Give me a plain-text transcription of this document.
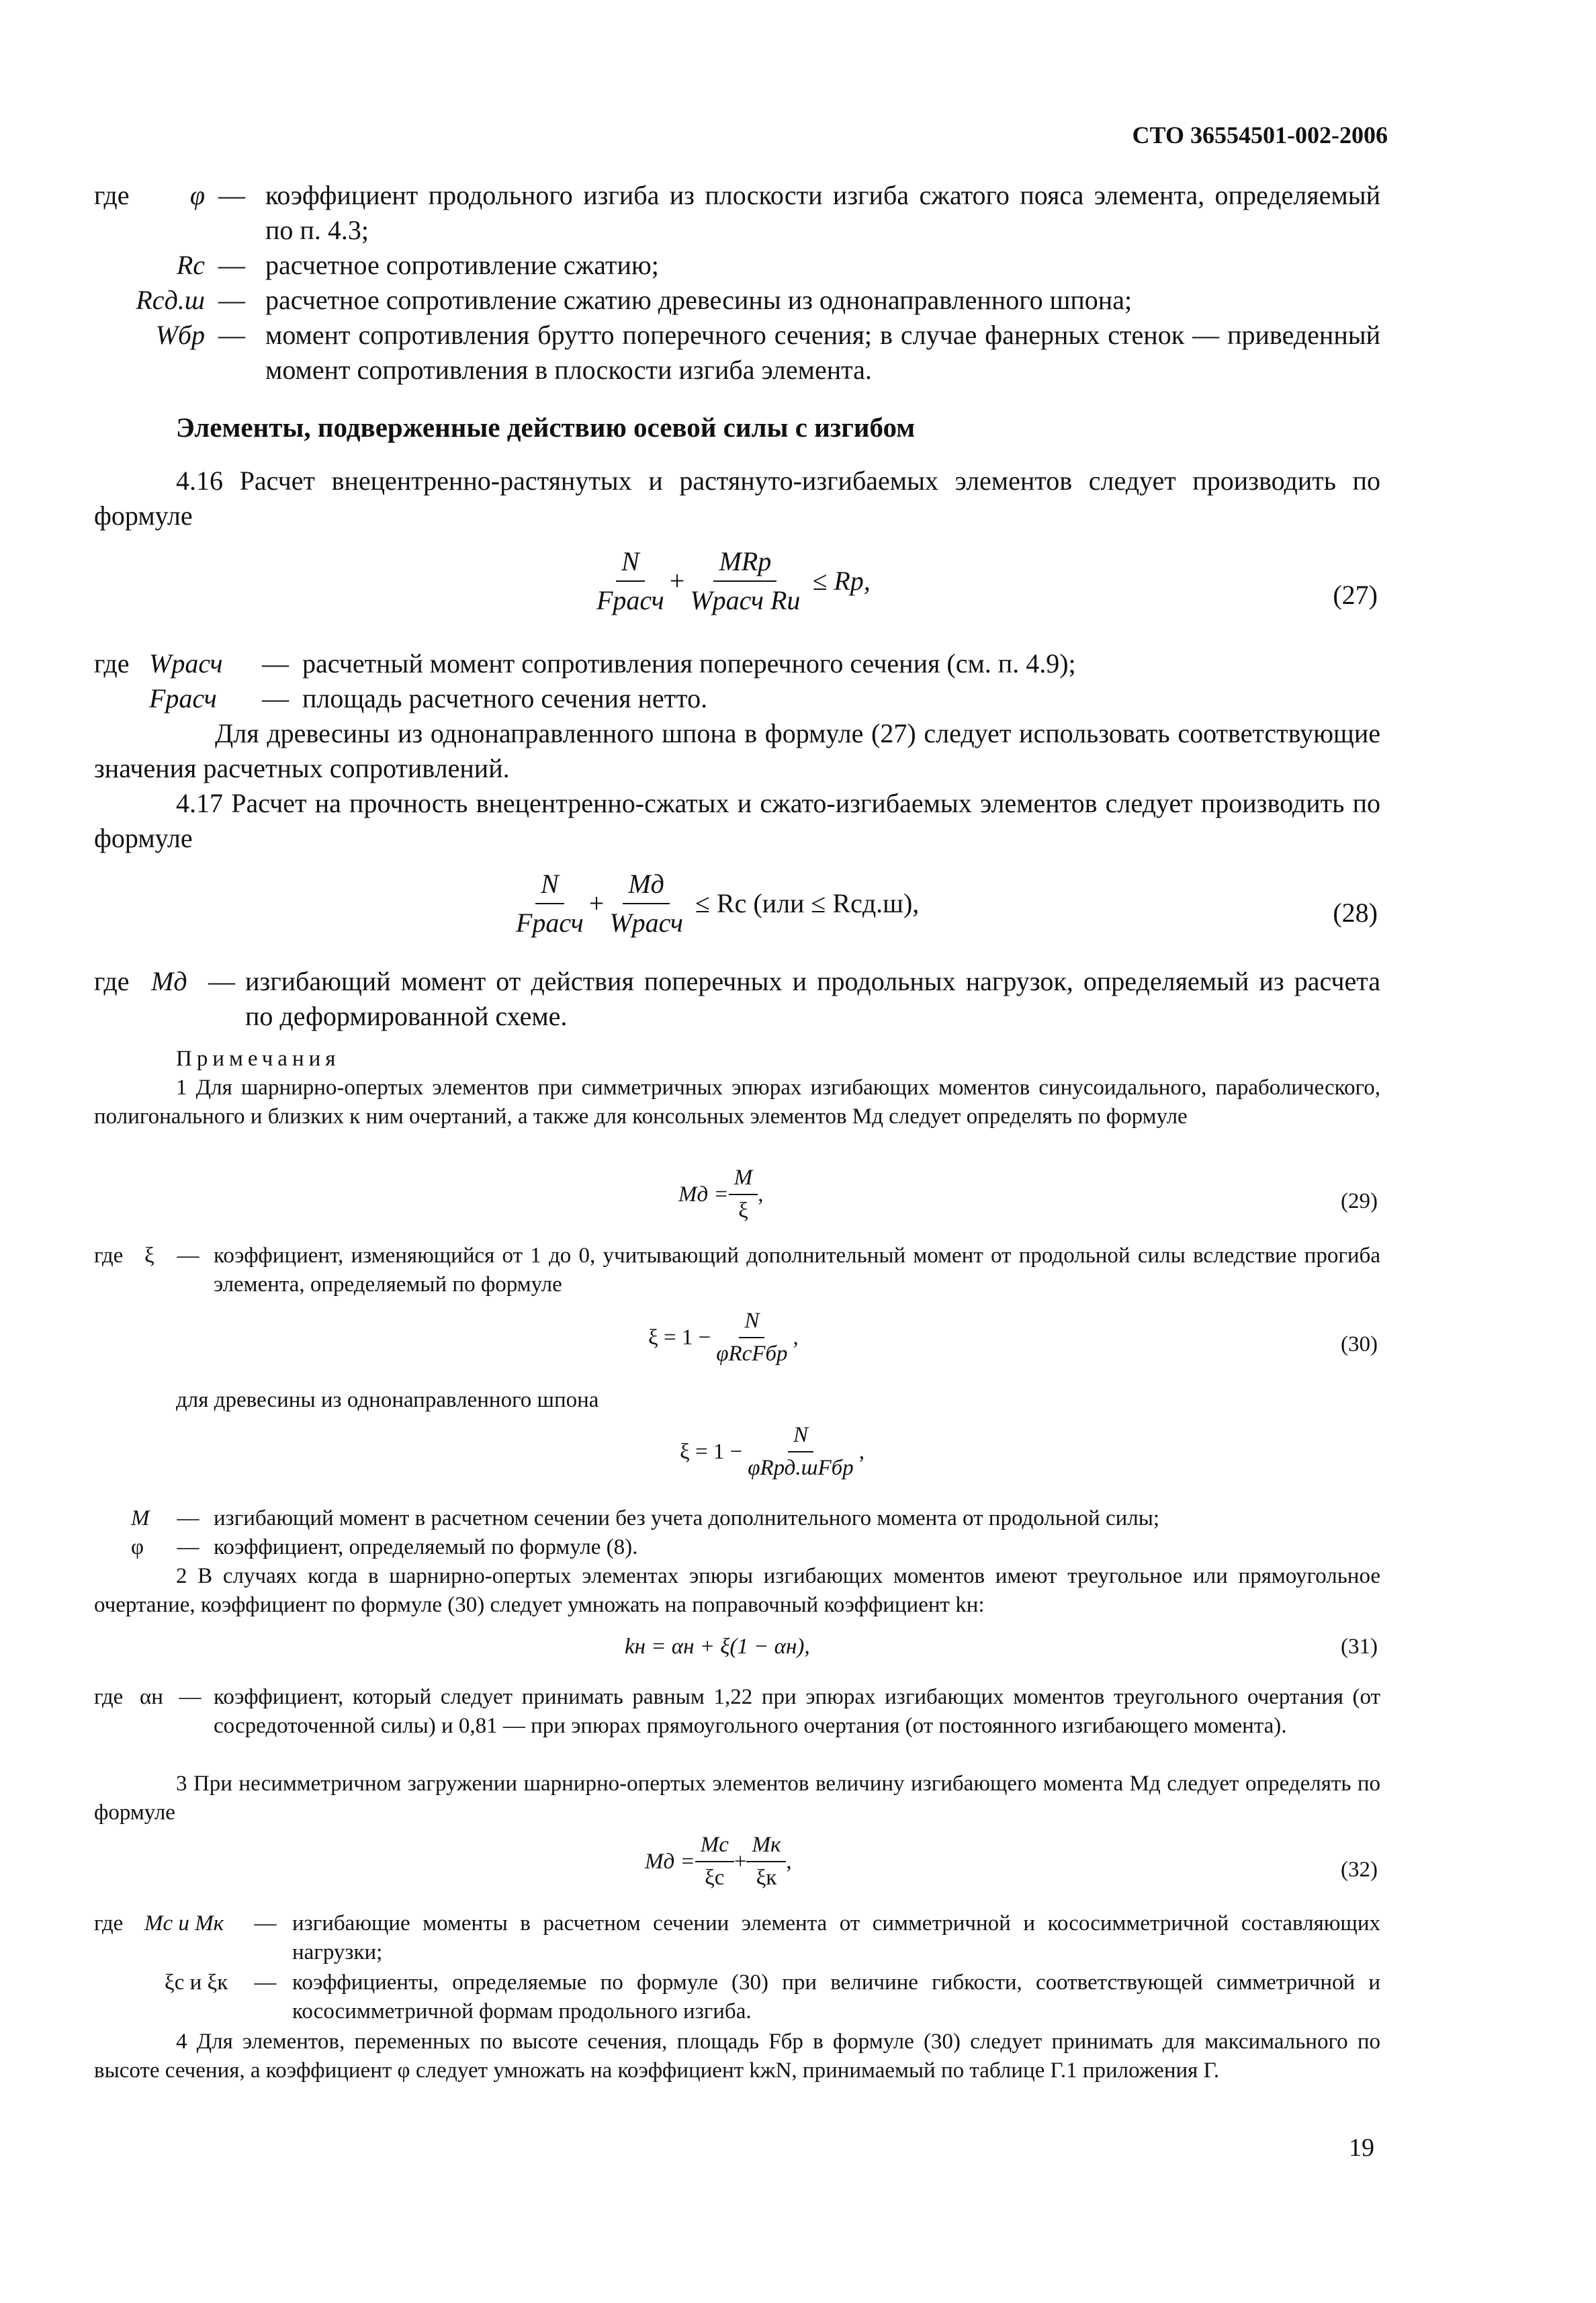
СТО 36554501-002-2006
где	φ — коэффициент продольного изгиба из плоскости изгиба сжатого пояса элемента, определяемый по п. 4.3;
Rс — расчетное сопротивление сжатию;
Rсд.ш — расчетное сопротивление сжатию древесины из однонаправленного шпона;
Wбр — момент сопротивления брутто поперечного сечения; в случае фанерных стенок — приведенный момент сопротивления в плоскости изгиба элемента.
Элементы, подверженные действию осевой силы с изгибом
4.16 Расчет внецентренно-растянутых и растянуто-изгибаемых элементов следует производить по формуле
$\frac{N}{\text{Fрасч}} + \frac{\text{MRр}}{\text{Wрасч Rи}}$ ≤ Rр,	(27)
где Wрасч	— расчетный момент сопротивления поперечного сечения (см. п. 4.9);
Fрасч	— площадь расчетного сечения нетто.
Для древесины из однонаправленного шпона в формуле (27) следует использовать соответствующие значения расчетных сопротивлений.
4.17 Расчет на прочность внецентренно-сжатых и сжато-изгибаемых элементов следует производить по формуле
$\frac{N}{\text{Fрасч}} + \frac{Mд}{\text{Wрасч}}$ ≤ Rс (или ≤ Rсд.ш),	(28)
где Mд — изгибающий момент от действия поперечных и продольных нагрузок, определяемый из расчета по деформированной схеме.
Примечания
1 Для шарнирно-опертых элементов при симметричных эпюрах изгибающих моментов синусоидального, параболического, полигонального и близких к ним очертаний, а также для консольных элементов Mд следует определять по формуле
Mд = $\frac{M}{\xi}$ ,	(29)
где ξ	— коэффициент, изменяющийся от 1 до 0, учитывающий дополнительный момент от продольной силы вследствие прогиба элемента, определяемый по формуле
$\xi = 1 - \frac{N}{\text{φRсFбр}}$ ,	(30)
для древесины из однонаправленного шпона
$\xi = 1 - \frac{N}{\text{φRрд.шFбр}}$ ,
M	— изгибающий момент в расчетном сечении без учета дополнительного момента от продольной силы;
φ	— коэффициент, определяемый по формуле (8).
2 В случаях когда в шарнирно-опертых элементах эпюры изгибающих моментов имеют треугольное или прямоугольное очертание, коэффициент по формуле (30) следует умножать на поправочный коэффициент kн:
kн = αн + ξ(1 − αн),	(31)
где αн — коэффициент, который следует принимать равным 1,22 при эпюрах изгибающих моментов треугольного очертания (от сосредоточенной силы) и 0,81 — при эпюрах прямоугольного очертания (от постоянного изгибающего момента).
3 При несимметричном загружении шарнирно-опертых элементов величину изгибающего момента Mд следует определять по формуле
Mд = $\frac{Mс}{\xi с} + \frac{Mк}{\xi к}$ ,	(32)
где Mс и Mк	— изгибающие моменты в расчетном сечении элемента от симметричной и кососимметричной составляющих нагрузки;
ξс и ξк	— коэффициенты, определяемые по формуле (30) при величине гибкости, соответствующей симметричной и кососимметричной формам продольного изгиба.
4 Для элементов, переменных по высоте сечения, площадь Fбр в формуле (30) следует принимать для максимального по высоте сечения, а коэффициент φ следует умножать на коэффициент kжN, принимаемый по таблице Г.1 приложения Г.
19
